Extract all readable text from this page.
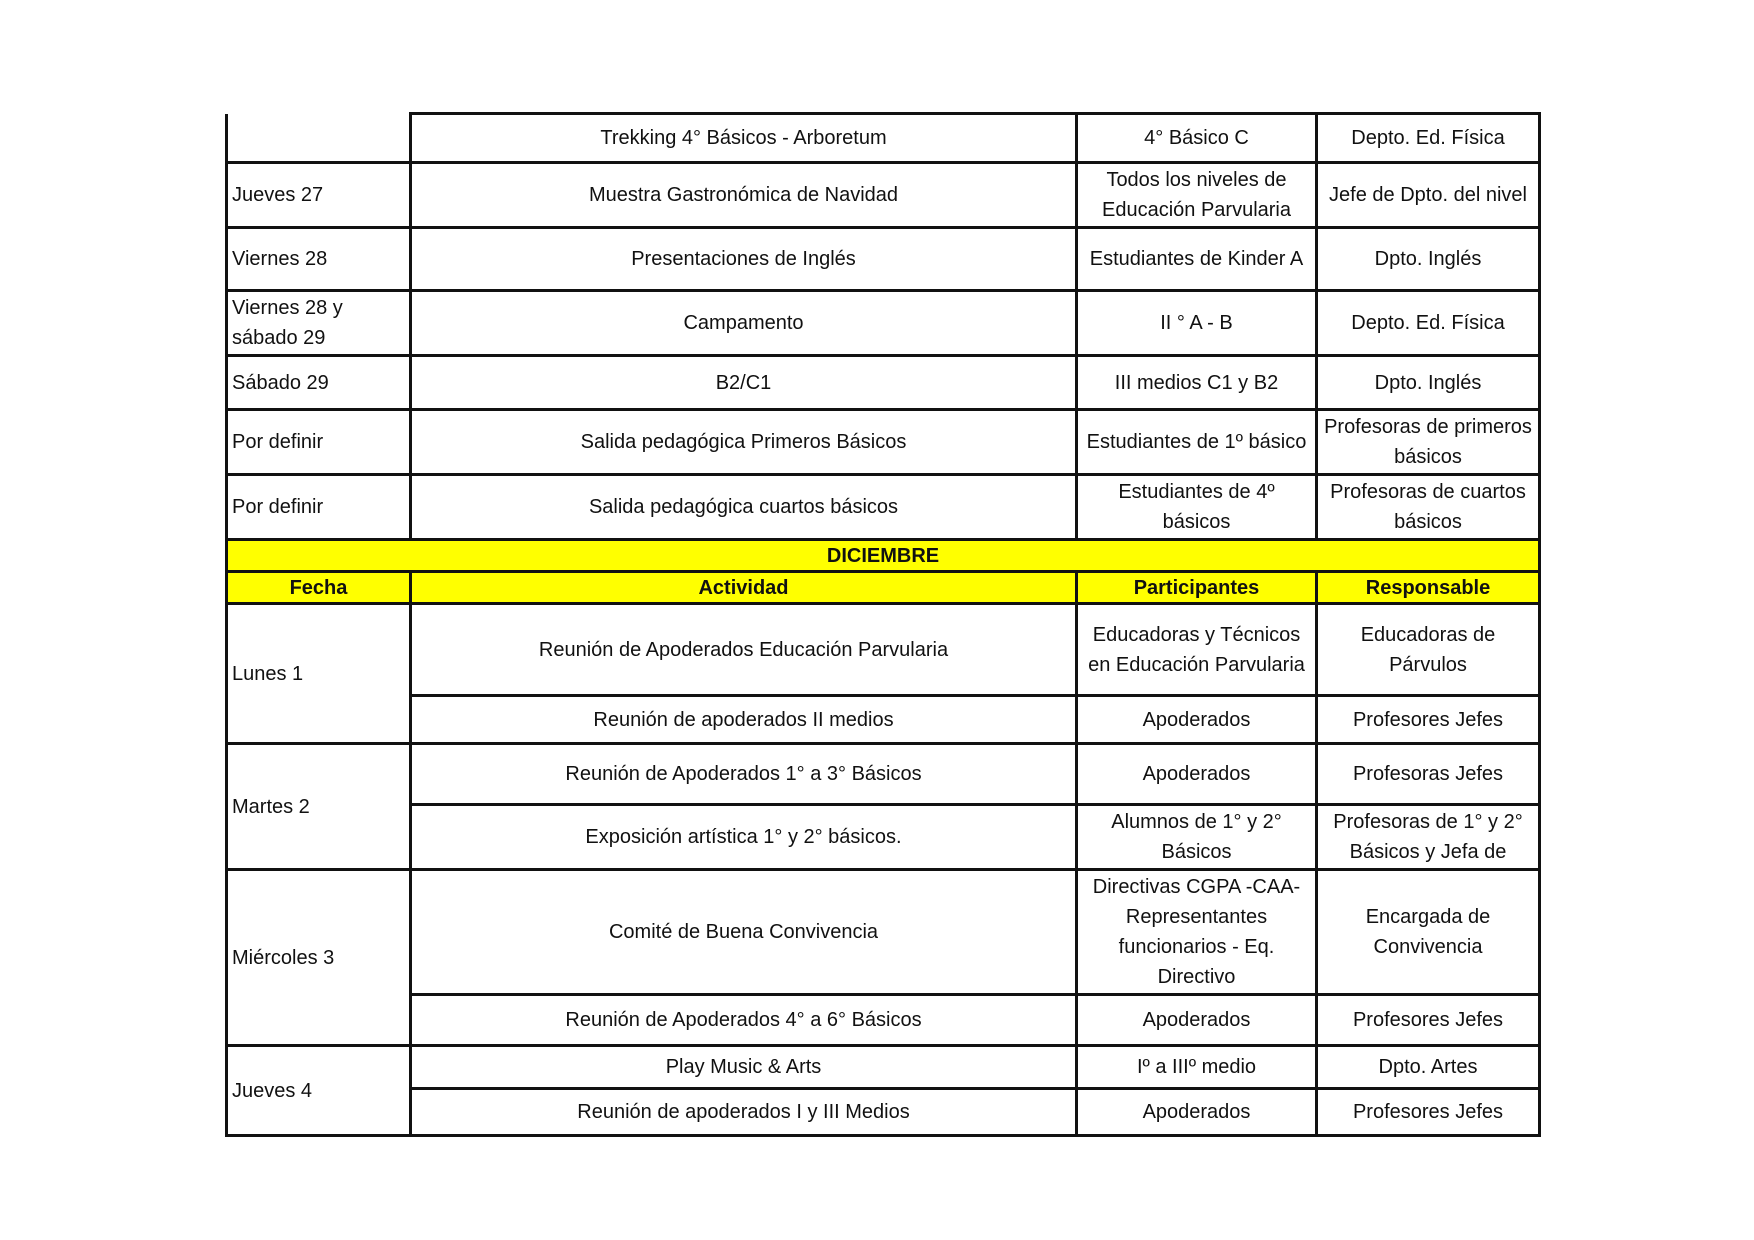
	Trekking 4° Básicos - Arboretum	4° Básico C	Depto. Ed. Física
Jueves 27	Muestra Gastronómica de Navidad	Todos los niveles de Educación Parvularia	Jefe de Dpto. del nivel
Viernes 28	Presentaciones de Inglés	Estudiantes de Kinder A	Dpto. Inglés
Viernes 28 y sábado 29	Campamento	II ° A - B	Depto. Ed. Física
Sábado 29	B2/C1	III medios C1 y B2	Dpto. Inglés
Por definir	Salida pedagógica Primeros Básicos	Estudiantes de 1º básico	Profesoras de primeros básicos
Por definir	Salida pedagógica cuartos básicos	Estudiantes de 4º básicos	Profesoras de cuartos básicos
DICIEMBRE			
Fecha	Actividad	Participantes	Responsable
Lunes 1	Reunión de Apoderados Educación Parvularia	Educadoras y Técnicos en Educación Parvularia	Educadoras de Párvulos
	Reunión de apoderados II medios	Apoderados	Profesores Jefes
Martes 2	Reunión de Apoderados 1° a 3° Básicos	Apoderados	Profesoras Jefes
	Exposición artística 1° y 2° básicos.	Alumnos de 1° y 2° Básicos	Profesoras de 1° y 2° Básicos y Jefa de
Miércoles 3	Comité de Buena Convivencia	Directivas CGPA -CAA- Representantes funcionarios - Eq. Directivo	Encargada de Convivencia
	Reunión de Apoderados 4° a 6° Básicos	Apoderados	Profesores Jefes
Jueves 4	Play Music & Arts	Iº a IIIº medio	Dpto. Artes
	Reunión de apoderados I y III Medios	Apoderados	Profesores Jefes
